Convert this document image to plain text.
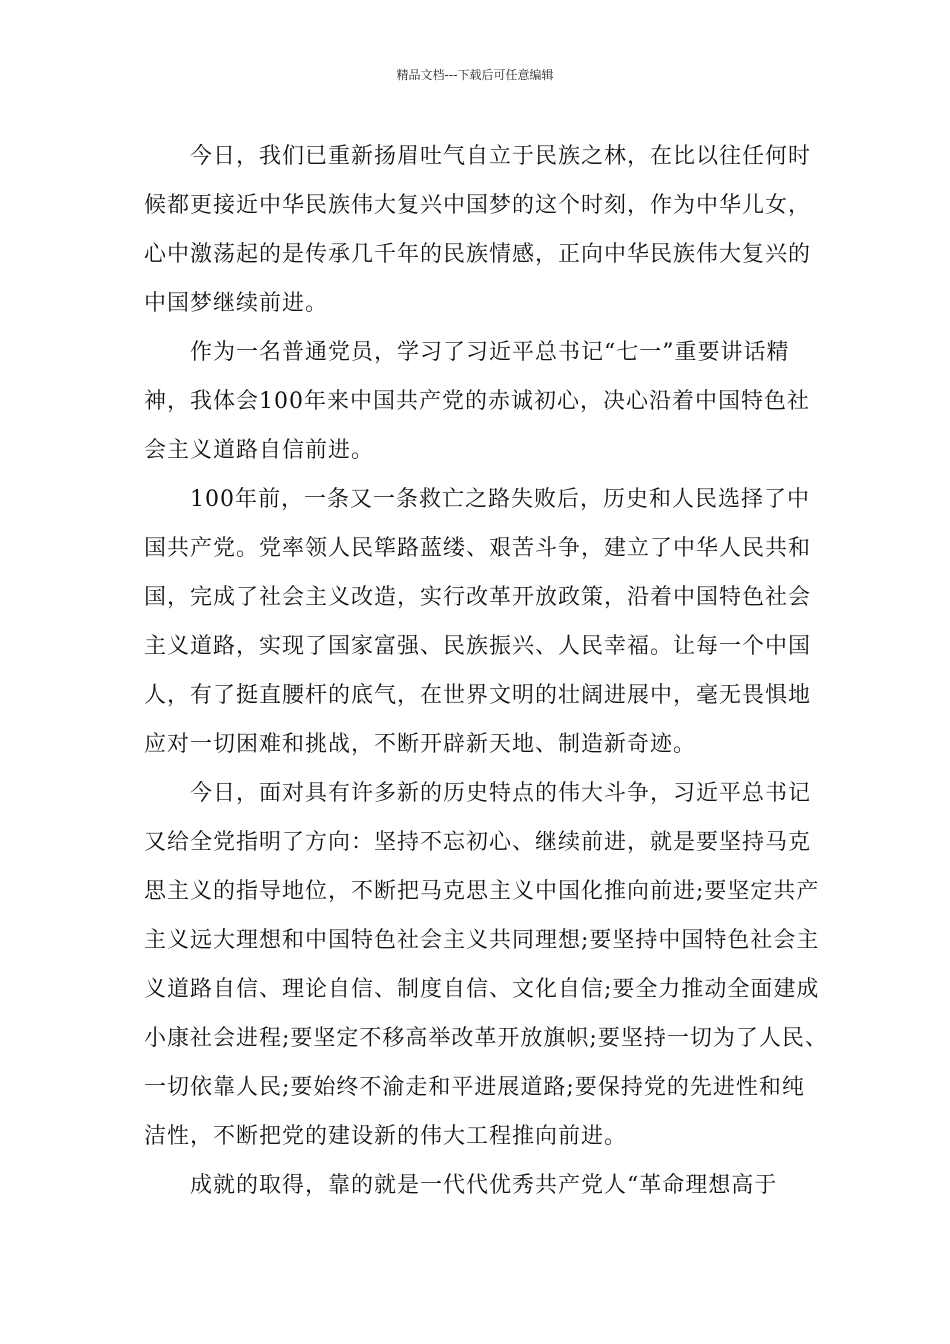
精品文档---下载后可任意编辑
今日，我们已重新扬眉吐气自立于民族之林，在比以往任何时
候都更接近中华民族伟大复兴中国梦的这个时刻，作为中华儿女，
心中激荡起的是传承几千年的民族情感，正向中华民族伟大复兴的
中国梦继续前进。
作为一名普通党员，学习了习近平总书记“七一”重要讲话精
神，我体会100年来中国共产党的赤诚初心，决心沿着中国特色社
会主义道路自信前进。
100年前，一条又一条救亡之路失败后，历史和人民选择了中
国共产党。党率领人民筚路蓝缕、艰苦斗争，建立了中华人民共和
国，完成了社会主义改造，实行改革开放政策，沿着中国特色社会
主义道路，实现了国家富强、民族振兴、人民幸福。让每一个中国
人，有了挺直腰杆的底气，在世界文明的壮阔进展中，毫无畏惧地
应对一切困难和挑战，不断开辟新天地、制造新奇迹。
今日，面对具有许多新的历史特点的伟大斗争，习近平总书记
又给全党指明了方向：坚持不忘初心、继续前进，就是要坚持马克
思主义的指导地位，不断把马克思主义中国化推向前进;要坚定共产
主义远大理想和中国特色社会主义共同理想;要坚持中国特色社会主
义道路自信、理论自信、制度自信、文化自信;要全力推动全面建成
小康社会进程;要坚定不移高举改革开放旗帜;要坚持一切为了人民、
一切依靠人民;要始终不渝走和平进展道路;要保持党的先进性和纯
洁性，不断把党的建设新的伟大工程推向前进。
成就的取得，靠的就是一代代优秀共产党人“革命理想高于
